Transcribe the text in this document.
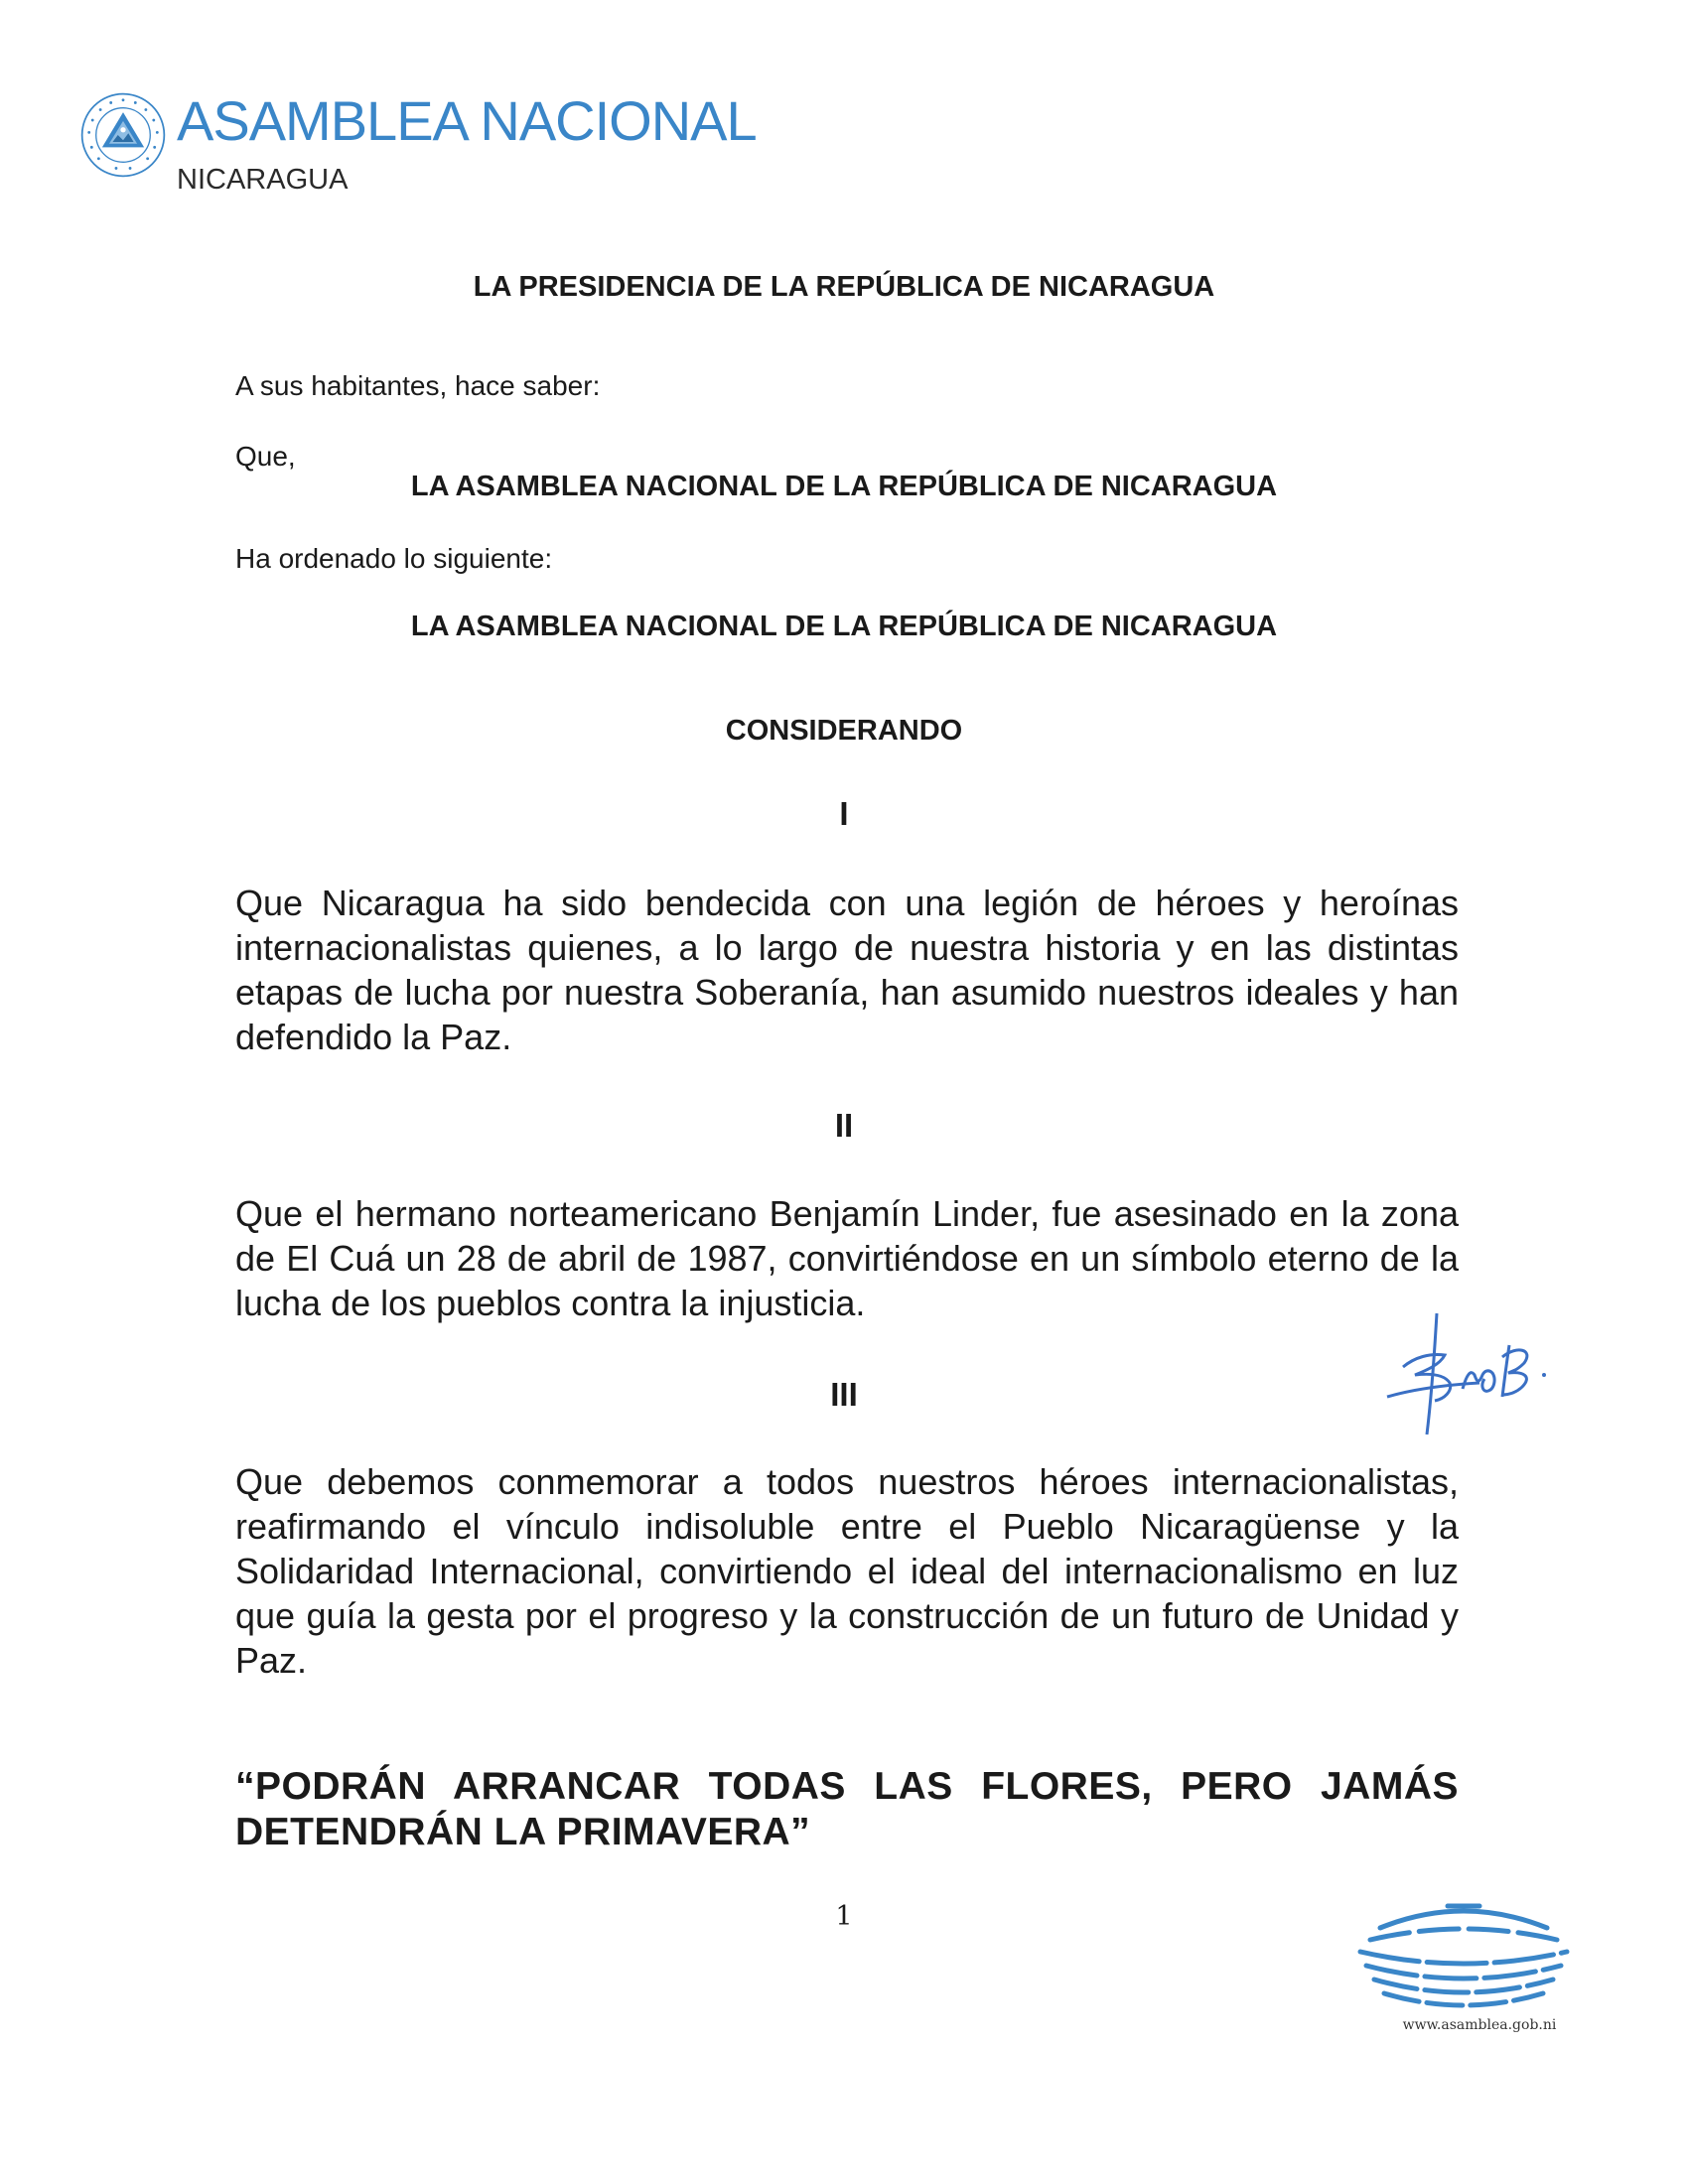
ASAMBLEA NACIONAL
NICARAGUA
LA PRESIDENCIA DE LA REPÚBLICA DE NICARAGUA
A sus habitantes, hace saber:
Que,
LA ASAMBLEA NACIONAL DE LA REPÚBLICA DE NICARAGUA
Ha ordenado lo siguiente:
LA ASAMBLEA NACIONAL DE LA REPÚBLICA DE NICARAGUA
CONSIDERANDO
I
Que Nicaragua ha sido bendecida con una legión de héroes y heroínas internacionalistas quienes, a lo largo de nuestra historia y en las distintas etapas de lucha por nuestra Soberanía, han asumido nuestros ideales y han defendido la Paz.
II
Que el hermano norteamericano Benjamín Linder, fue asesinado en la zona de El Cuá un 28 de abril de 1987, convirtiéndose en un símbolo eterno de la lucha de los pueblos contra la injusticia.
III
Que debemos conmemorar a todos nuestros héroes internacionalistas, reafirmando el vínculo indisoluble entre el Pueblo Nicaragüense y la Solidaridad Internacional, convirtiendo el ideal del internacionalismo en luz que guía la gesta por el progreso y la construcción de un futuro de Unidad y Paz.
“PODRÁN ARRANCAR TODAS LAS FLORES, PERO JAMÁS DETENDRÁN LA PRIMAVERA”
1
www.asamblea.gob.ni
